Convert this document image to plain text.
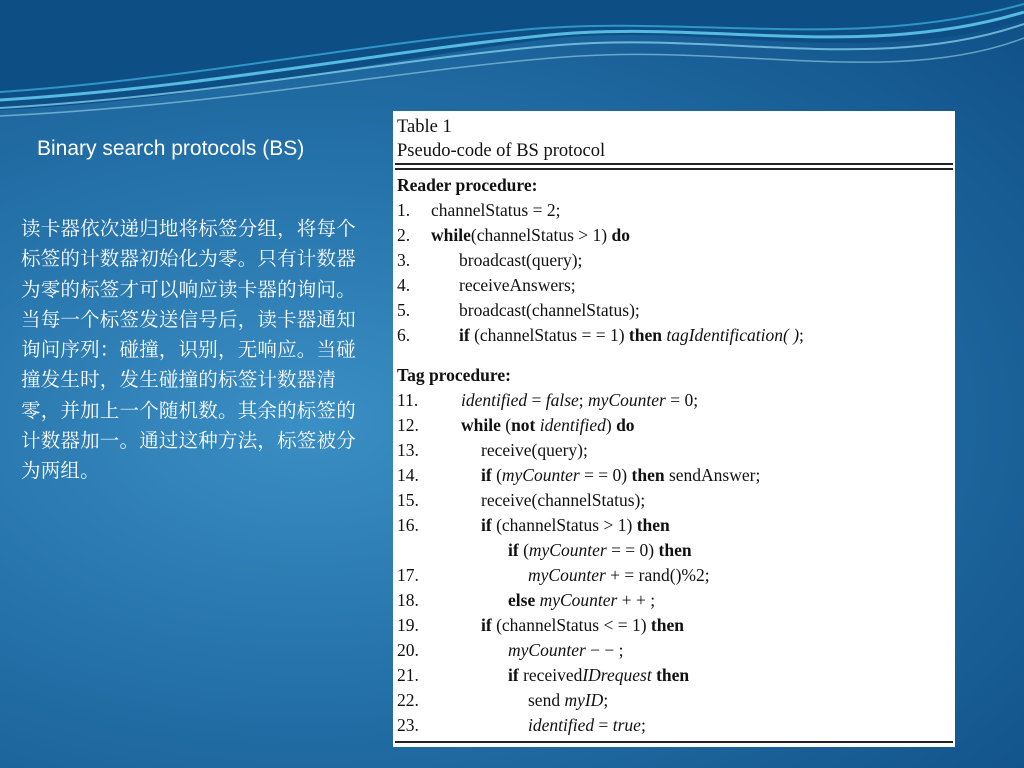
Binary search protocols (BS)
读卡器依次递归地将标签分组，将每个标签的计数器初始化为零。只有计数器为零的标签才可以响应读卡器的询问。当每一个标签发送信号后，读卡器通知询问序列：碰撞，识别，无响应。当碰撞发生时，发生碰撞的标签计数器清零，并加上一个随机数。其余的标签的计数器加一。通过这种方法，标签被分为两组。
Table 1
Pseudo-code of BS protocol
Reader procedure:
Tag procedure:
1. channelStatus = 2;
2. while(channelStatus > 1) do
3.	broadcast(query);
4.	receiveAnswers;
5.	broadcast(channelStatus);
6.	if (channelStatus = = 1) then tagIdentification( );
11. identified = false; myCounter = 0;
12. while (not identified) do
13.	receive(query);
14.	if (myCounter = = 0) then sendAnswer;
15.	receive(channelStatus);
16.	if (channelStatus > 1) then
if (myCounter = = 0) then
17.	myCounter + = rand()%2;
18.	else myCounter + + ;
19.	if (channelStatus < = 1) then
20.	myCounter − − ;
21.	if receivedIDrequest then
22.	send myID;
23.	identified = true;
